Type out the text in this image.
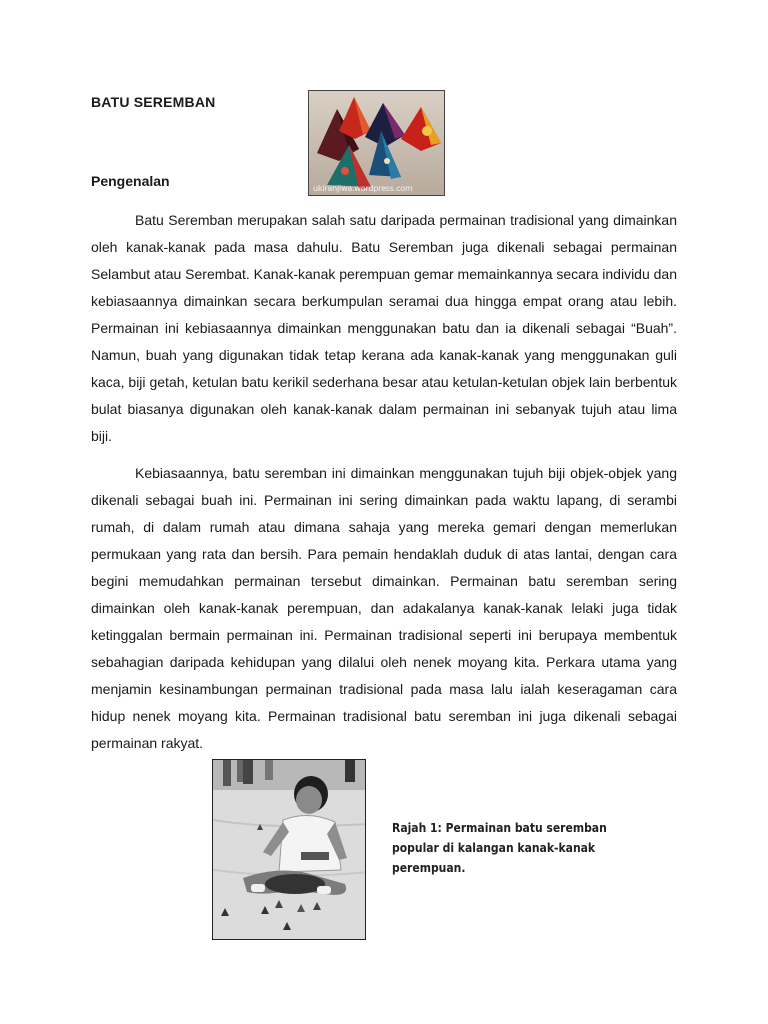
BATU SEREMBAN
Pengenalan	ukiranjiwa.wordpress.com

Batu Seremban merupakan salah satu daripada permainan tradisional yang dimainkan oleh kanak-kanak pada masa dahulu. Batu Seremban juga dikenali sebagai permainan Selambut atau Serembat. Kanak-kanak perempuan gemar memainkannya secara individu dan kebiasaannya dimainkan secara berkumpulan seramai dua hingga empat orang atau lebih. Permainan ini kebiasaannya dimainkan menggunakan batu dan ia dikenali sebagai “Buah”. Namun, buah yang digunakan tidak tetap kerana ada kanak-kanak yang menggunakan guli kaca, biji getah, ketulan batu kerikil sederhana besar atau ketulan-ketulan objek lain berbentuk bulat biasanya digunakan oleh kanak-kanak dalam permainan ini sebanyak tujuh atau lima biji.

Kebiasaannya, batu seremban ini dimainkan menggunakan tujuh biji objek-objek yang dikenali sebagai buah ini. Permainan ini sering dimainkan pada waktu lapang, di serambi rumah, di dalam rumah atau dimana sahaja yang mereka gemari dengan memerlukan permukaan yang rata dan bersih. Para pemain hendaklah duduk di atas lantai, dengan cara begini memudahkan permainan tersebut dimainkan. Permainan batu seremban sering dimainkan oleh kanak-kanak perempuan, dan adakalanya kanak-kanak lelaki juga tidak ketinggalan bermain permainan ini. Permainan tradisional seperti ini berupaya membentuk sebahagian daripada kehidupan yang dilalui oleh nenek moyang kita. Perkara utama yang menjamin kesinambungan permainan tradisional pada masa lalu ialah keseragaman cara hidup nenek moyang kita. Permainan tradisional batu seremban ini juga dikenali sebagai permainan rakyat.

Rajah 1: Permainan batu seremban popular di kalangan kanak-kanak perempuan.
